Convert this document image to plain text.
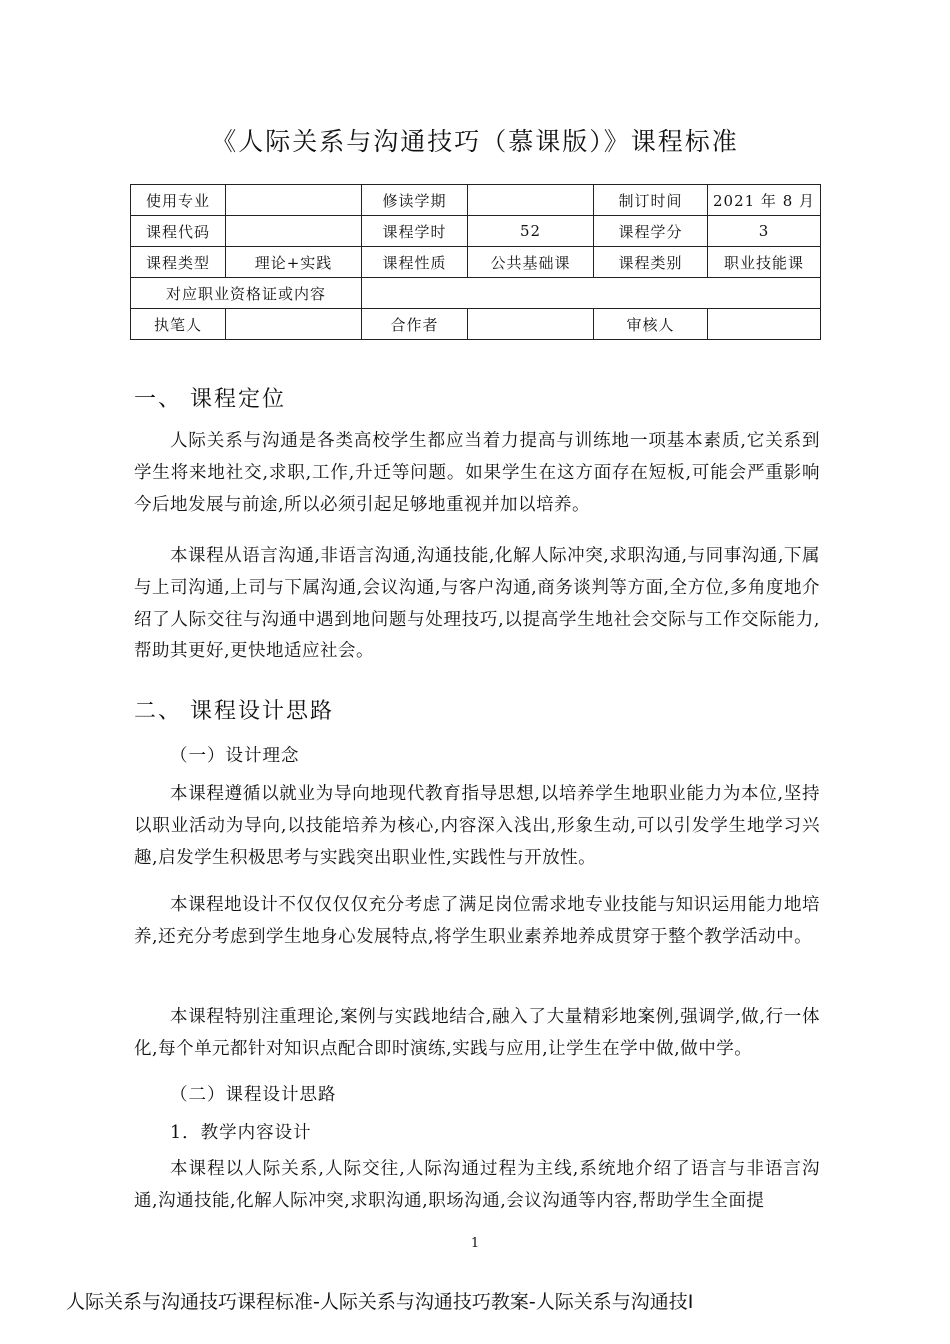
《人际关系与沟通技巧（慕课版）》课程标准
使用专业		修读学期		制订时间	2021 年 8 月
课程代码		课程学时	52	课程学分	3
课程类型	理论+实践	课程性质	公共基础课	课程类别	职业技能课
对应职业资格证或内容					
执笔人		合作者		审核人	
一、 课程定位
人际关系与沟通是各类高校学生都应当着力提高与训练地一项基本素质,它关系到学生将来地社交,求职,工作,升迁等问题。如果学生在这方面存在短板,可能会严重影响今后地发展与前途,所以必须引起足够地重视并加以培养。
本课程从语言沟通,非语言沟通,沟通技能,化解人际冲突,求职沟通,与同事沟通,下属与上司沟通,上司与下属沟通,会议沟通,与客户沟通,商务谈判等方面,全方位,多角度地介绍了人际交往与沟通中遇到地问题与处理技巧,以提高学生地社会交际与工作交际能力,帮助其更好,更快地适应社会。
二、 课程设计思路
（一）设计理念
本课程遵循以就业为导向地现代教育指导思想,以培养学生地职业能力为本位,坚持以职业活动为导向,以技能培养为核心,内容深入浅出,形象生动,可以引发学生地学习兴趣,启发学生积极思考与实践突出职业性,实践性与开放性。
本课程地设计不仅仅仅仅充分考虑了满足岗位需求地专业技能与知识运用能力地培养,还充分考虑到学生地身心发展特点,将学生职业素养地养成贯穿于整个教学活动中。
本课程特别注重理论,案例与实践地结合,融入了大量精彩地案例,强调学,做,行一体化,每个单元都针对知识点配合即时演练,实践与应用,让学生在学中做,做中学。
（二）课程设计思路
1．教学内容设计
本课程以人际关系,人际交往,人际沟通过程为主线,系统地介绍了语言与非语言沟通,沟通技能,化解人际冲突,求职沟通,职场沟通,会议沟通等内容,帮助学生全面提
1
人际关系与沟通技巧课程标准-人际关系与沟通技巧教案-人际关系与沟通技I
